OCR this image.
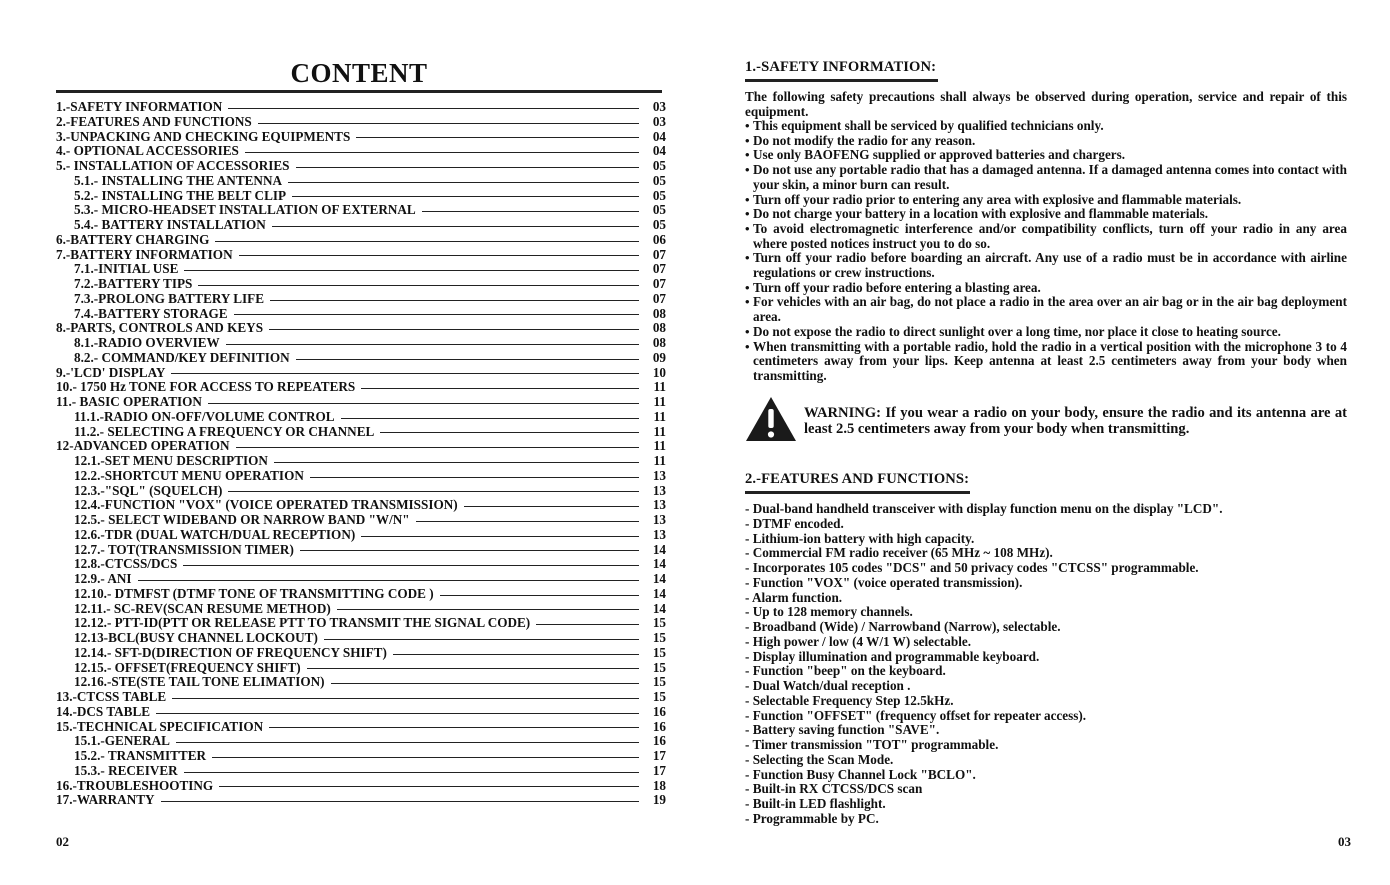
CONTENT
1.-SAFETY INFORMATION	03
2.-FEATURES AND FUNCTIONS	03
3.-UNPACKING AND CHECKING EQUIPMENTS	04
4.- OPTIONAL ACCESSORIES	04
5.- INSTALLATION OF ACCESSORIES	05
5.1.- INSTALLING THE ANTENNA	05
5.2.- INSTALLING THE BELT CLIP	05
5.3.- MICRO-HEADSET INSTALLATION OF EXTERNAL	05
5.4.- BATTERY INSTALLATION	05
6.-BATTERY CHARGING	06
7.-BATTERY INFORMATION	07
7.1.-INITIAL USE	07
7.2.-BATTERY TIPS	07
7.3.-PROLONG BATTERY LIFE	07
7.4.-BATTERY STORAGE	08
8.-PARTS, CONTROLS AND KEYS	08
8.1.-RADIO OVERVIEW	08
8.2.- COMMAND/KEY DEFINITION	09
9.-'LCD' DISPLAY	10
10.- 1750 Hz TONE FOR ACCESS TO REPEATERS	11
11.- BASIC OPERATION	11
11.1.-RADIO ON-OFF/VOLUME CONTROL	11
11.2.- SELECTING A FREQUENCY OR CHANNEL	11
12-ADVANCED OPERATION	11
12.1.-SET MENU DESCRIPTION	11
12.2.-SHORTCUT MENU OPERATION	13
12.3.-"SQL" (SQUELCH)	13
12.4.-FUNCTION "VOX" (VOICE OPERATED TRANSMISSION)	13
12.5.- SELECT WIDEBAND OR NARROW BAND "W/N"	13
12.6.-TDR (DUAL WATCH/DUAL RECEPTION)	13
12.7.- TOT(TRANSMISSION TIMER)	14
12.8.-CTCSS/DCS	14
12.9.- ANI	14
12.10.- DTMFST (DTMF TONE OF TRANSMITTING CODE )	14
12.11.- SC-REV(SCAN RESUME METHOD)	14
12.12.- PTT-ID(PTT OR RELEASE PTT TO TRANSMIT THE SIGNAL CODE)	15
12.13-BCL(BUSY CHANNEL LOCKOUT)	15
12.14.- SFT-D(DIRECTION OF FREQUENCY SHIFT)	15
12.15.- OFFSET(FREQUENCY SHIFT)	15
12.16.-STE(STE TAIL TONE ELIMATION)	15
13.-CTCSS TABLE	15
14.-DCS TABLE	16
15.-TECHNICAL SPECIFICATION	16
15.1.-GENERAL	16
15.2.- TRANSMITTER	17
15.3.- RECEIVER	17
16.-TROUBLESHOOTING	18
17.-WARRANTY	19
02
1.-SAFETY INFORMATION:
The following safety precautions shall always be observed during operation, service and repair of this equipment.
• This equipment shall be serviced by qualified technicians only.
• Do not modify the radio for any reason.
• Use only BAOFENG supplied or approved batteries and chargers.
• Do not use any portable radio that has a damaged antenna. If a damaged antenna comes into contact with your skin, a minor burn can result.
• Turn off your radio prior to entering any area with explosive and flammable materials.
• Do not charge your battery in a location with explosive and flammable materials.
• To avoid electromagnetic interference and/or compatibility conflicts, turn off your radio in any area where posted notices instruct you to do so.
• Turn off your radio before boarding an aircraft. Any use of a radio must be in accordance with airline regulations or crew instructions.
• Turn off your radio before entering a blasting area.
• For vehicles with an air bag, do not place a radio in the area over an air bag or in the air bag deployment area.
• Do not expose the radio to direct sunlight over a long time, nor place it close to heating source.
• When transmitting with a portable radio, hold the radio in a vertical position with the microphone 3 to 4 centimeters away from your lips. Keep antenna at least 2.5 centimeters away from your body when transmitting.
WARNING: If you wear a radio on your body, ensure the radio and its antenna are at least 2.5 centimeters away from your body when transmitting.
2.-FEATURES AND FUNCTIONS:
- Dual-band handheld transceiver with display function menu on the display "LCD".
- DTMF encoded.
- Lithium-ion battery with high capacity.
- Commercial FM radio receiver (65 MHz ~ 108 MHz).
- Incorporates 105 codes "DCS" and 50 privacy codes "CTCSS" programmable.
- Function "VOX" (voice operated transmission).
- Alarm function.
- Up to 128 memory channels.
- Broadband (Wide) / Narrowband (Narrow), selectable.
- High power / low (4 W/1 W) selectable.
- Display illumination and programmable keyboard.
- Function "beep" on the keyboard.
- Dual Watch/dual reception .
- Selectable Frequency Step 12.5kHz.
- Function "OFFSET" (frequency offset for repeater access).
- Battery saving function "SAVE".
- Timer transmission "TOT" programmable.
- Selecting the Scan Mode.
- Function Busy Channel Lock "BCLO".
- Built-in RX CTCSS/DCS scan
- Built-in LED flashlight.
- Programmable by PC.
03
